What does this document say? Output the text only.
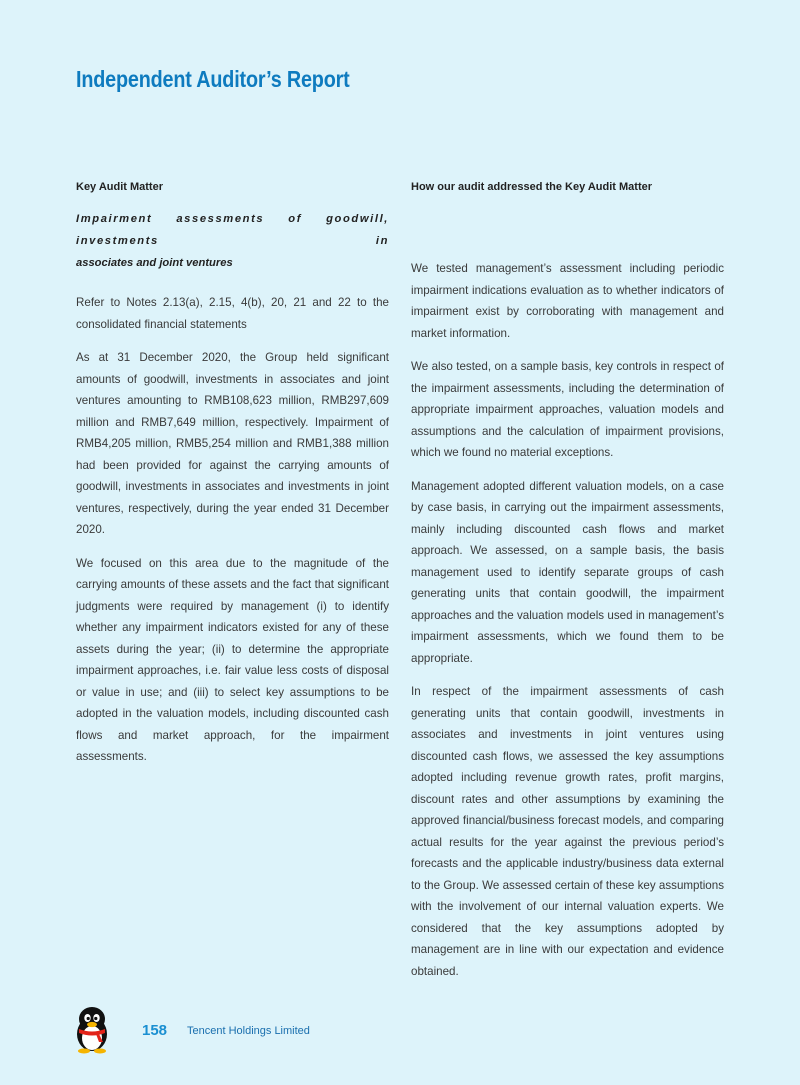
Independent Auditor’s Report

Key Audit Matter

Impairment assessments of goodwill, investments in
associates and joint ventures

Refer to Notes 2.13(a), 2.15, 4(b), 20, 21 and 22 to the consolidated financial statements

As at 31 December 2020, the Group held significant amounts of goodwill, investments in associates and joint ventures amounting to RMB108,623 million, RMB297,609 million and RMB7,649 million, respectively. Impairment of RMB4,205 million, RMB5,254 million and RMB1,388 million had been provided for against the carrying amounts of goodwill, investments in associates and investments in joint ventures, respectively, during the year ended 31 December 2020.

We focused on this area due to the magnitude of the carrying amounts of these assets and the fact that significant judgments were required by management (i) to identify whether any impairment indicators existed for any of these assets during the year; (ii) to determine the appropriate impairment approaches, i.e. fair value less costs of disposal or value in use; and (iii) to select key assumptions to be adopted in the valuation models, including discounted cash flows and market approach, for the impairment assessments.

How our audit addressed the Key Audit Matter

We tested management’s assessment including periodic impairment indications evaluation as to whether indicators of impairment exist by corroborating with management and market information.

We also tested, on a sample basis, key controls in respect of the impairment assessments, including the determination of appropriate impairment approaches, valuation models and assumptions and the calculation of impairment provisions, which we found no material exceptions.

Management adopted different valuation models, on a case by case basis, in carrying out the impairment assessments, mainly including discounted cash flows and market approach. We assessed, on a sample basis, the basis management used to identify separate groups of cash generating units that contain goodwill, the impairment approaches and the valuation models used in management’s impairment assessments, which we found them to be appropriate.

In respect of the impairment assessments of cash generating units that contain goodwill, investments in associates and investments in joint ventures using discounted cash flows, we assessed the key assumptions adopted including revenue growth rates, profit margins, discount rates and other assumptions by examining the approved financial/business forecast models, and comparing actual results for the year against the previous period’s forecasts and the applicable industry/business data external to the Group. We assessed certain of these key assumptions with the involvement of our internal valuation experts. We considered that the key assumptions adopted by management are in line with our expectation and evidence obtained.

158 Tencent Holdings Limited
